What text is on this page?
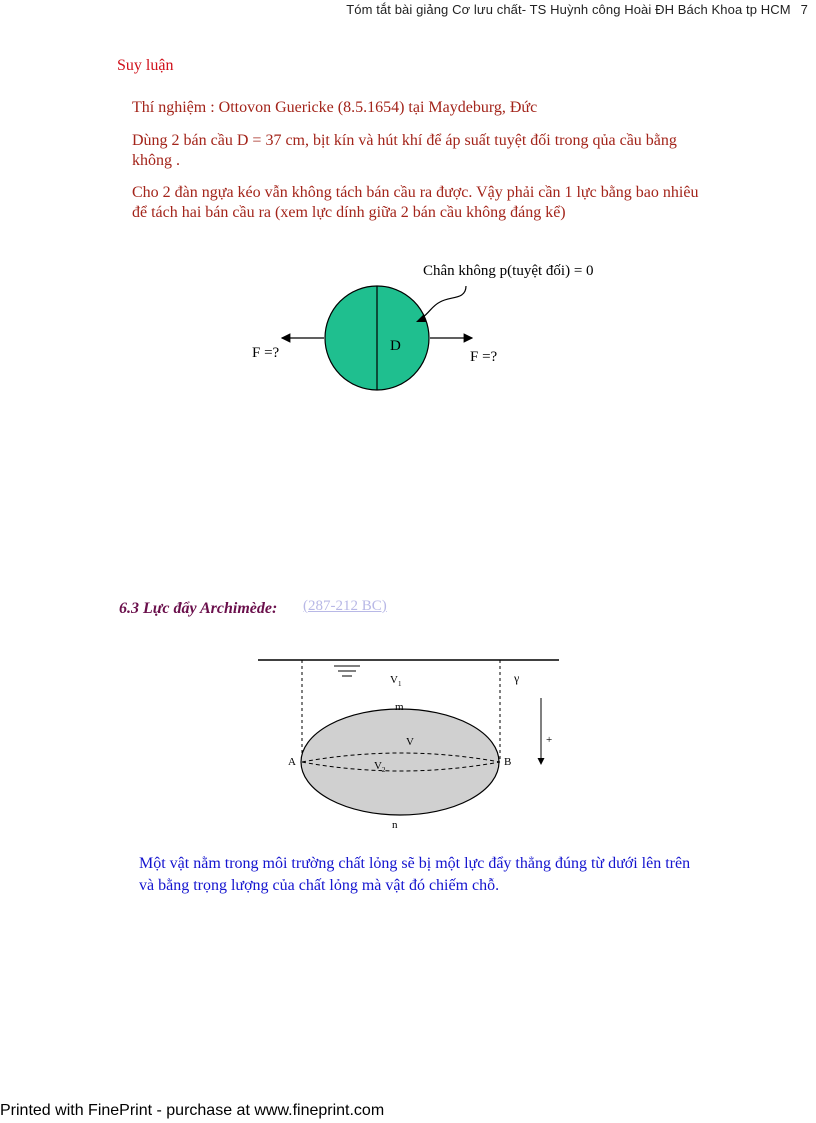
Tóm tắt bài giảng Cơ lưu chất- TS Huỳnh công Hoài ĐH Bách Khoa tp HCM 7
Suy luận
Thí nghiệm : Ottovon Guericke (8.5.1654) tại Maydeburg, Đức
Dùng 2 bán cầu D = 37 cm, bịt kín và hút khí để áp suất tuyệt đối trong qủa cầu bằng không .
Cho 2 đàn ngựa kéo vẫn không tách bán cầu ra được. Vậy phải cần 1 lực bằng bao nhiêu để tách hai bán cầu ra (xem lực dính giữa 2 bán cầu không đáng kể)
D
Chân không p(tuyệt đối) = 0
F =?	F =?
6.3 Lực đẩy Archimède: (287-212 BC)
$V_1$	γ
m
V
$V_2$
A	B
+
n
Một vật nằm trong môi trường chất lỏng sẽ bị một lực đẩy thẳng đúng từ dưới lên trên và bằng trọng lượng của chất lỏng mà vật đó chiếm chỗ.
Printed with FinePrint - purchase at www.fineprint.com
